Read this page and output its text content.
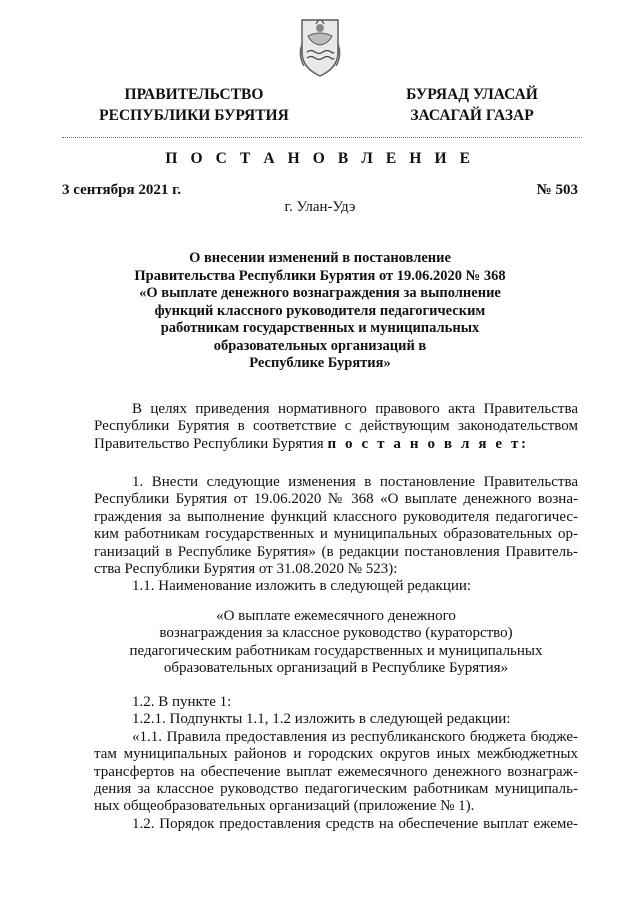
ПРАВИТЕЛЬСТВО
РЕСПУБЛИКИ БУРЯТИЯ
БУРЯАД УЛАСАЙ
ЗАСАГАЙ ГАЗАР
П О С Т А Н О В Л Е Н И Е
3 сентября 2021 г.	№ 503
г. Улан-Удэ
О внесении изменений в постановление
Правительства Республики Бурятия от 19.06.2020 № 368
«О выплате денежного вознаграждения за выполнение
функций классного руководителя педагогическим
работникам государственных и муниципальных
образовательных организаций в
Республике Бурятия»
В целях приведения нормативного правового акта Правительства
Республики Бурятия в соответствие с действующим законодательством
Правительство Республики Бурятия п о с т а н о в л я е т:
1. Внести следующие изменения в постановление Правительства
Республики Бурятия от 19.06.2020 № 368 «О выплате денежного возна-
граждения за выполнение функций классного руководителя педагогичес-
ким работникам государственных и муниципальных образовательных ор-
ганизаций в Республике Бурятия» (в редакции постановления Правитель-
ства Республики Бурятия от 31.08.2020 № 523):
1.1. Наименование изложить в следующей редакции:
«О выплате ежемесячного денежного
вознаграждения за классное руководство (кураторство)
педагогическим работникам государственных и муниципальных
образовательных организаций в Республике Бурятия»
1.2. В пункте 1:
1.2.1. Подпункты 1.1, 1.2 изложить в следующей редакции:
«1.1. Правила предоставления из республиканского бюджета бюдже-
там муниципальных районов и городских округов иных межбюджетных
трансфертов на обеспечение выплат ежемесячного денежного вознаграж-
дения за классное руководство педагогическим работникам муниципаль-
ных общеобразовательных организаций (приложение № 1).
1.2. Порядок предоставления средств на обеспечение выплат ежеме-
